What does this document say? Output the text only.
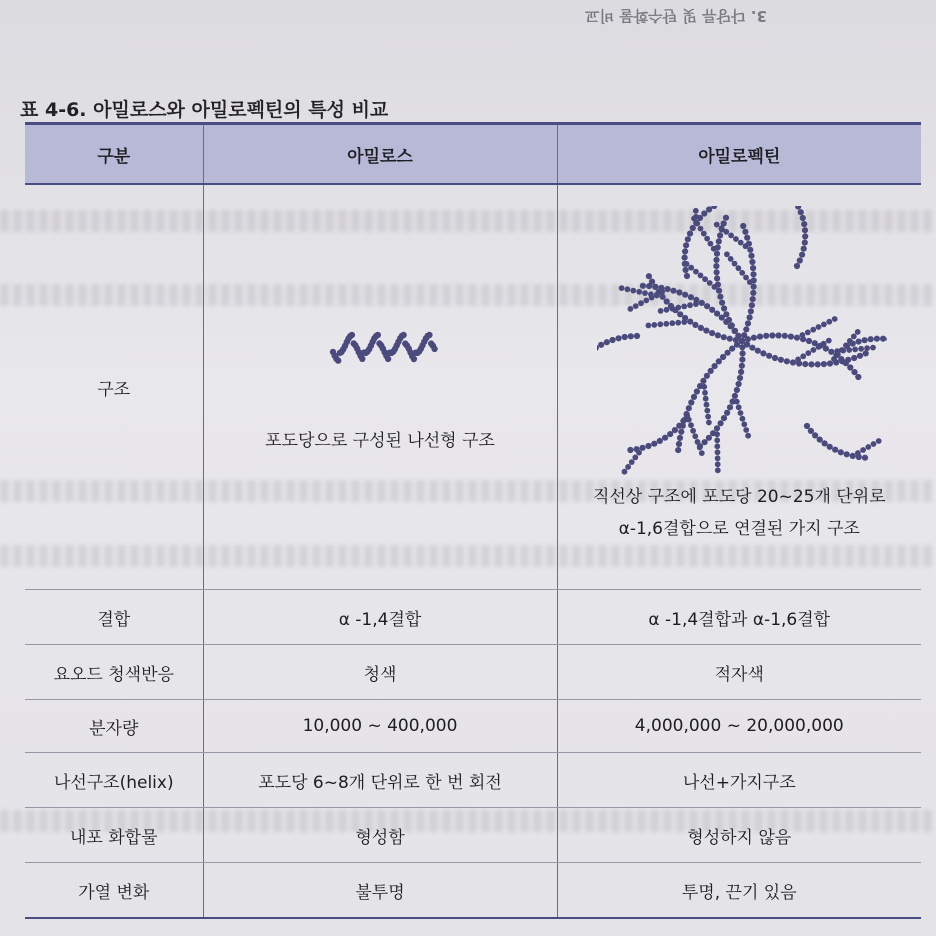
3. 다당류 및 탄수화물 비교
표 4-6. 아밀로스와 아밀로펙틴의 특성 비교
구분	아밀로스	아밀로펙틴
구조	포도당으로 구성된 나선형 구조	직선상 구조에 포도당 20~25개 단위로
α-1,6결합으로 연결된 가지 구조

결합	α -1,4결합	α -1,4결합과 α-1,6결합
요오드 청색반응	청색	적자색
분자량	10,000 ~ 400,000	4,000,000 ~ 20,000,000
나선구조(helix)	포도당 6~8개 단위로 한 번 회전	나선+가지구조
내포 화합물	형성함	형성하지 않음
가열 변화	불투명	투명, 끈기 있음
